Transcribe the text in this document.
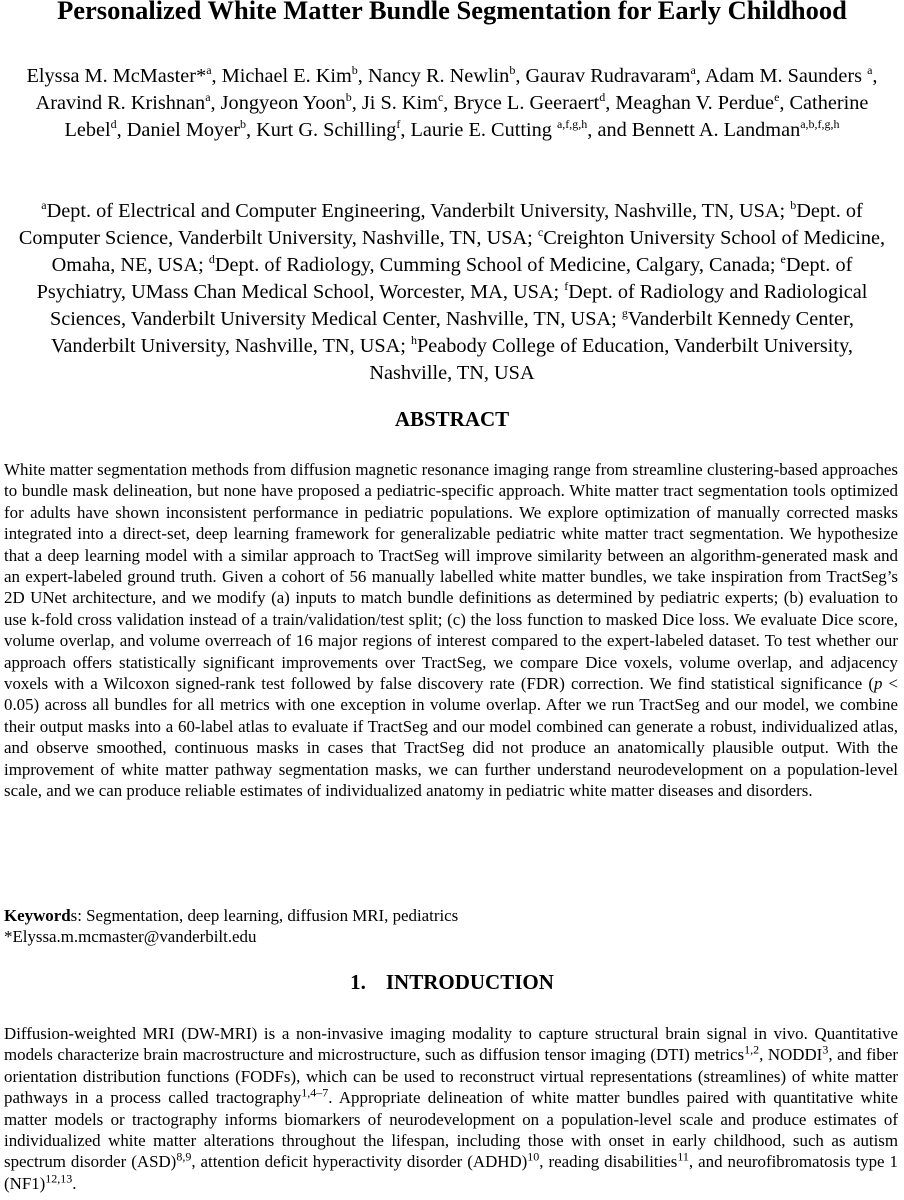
Personalized White Matter Bundle Segmentation for Early Childhood

Elyssa M. McMaster*$^a$, Michael E. Kim$^b$, Nancy R. Newlin$^b$, Gaurav Rudravaram$^a$, Adam M. Saunders $^a$, Aravind R. Krishnan$^a$, Jongyeon Yoon$^b$, Ji S. Kim$^c$, Bryce L. Geeraert$^d$, Meaghan V. Perdue$^e$, Catherine Lebel$^d$, Daniel Moyer$^b$, Kurt G. Schilling$^f$, Laurie E. Cutting $^{a,f,g,h}$, and Bennett A. Landman$^{a,b,f,g,h}$

$^a$Dept. of Electrical and Computer Engineering, Vanderbilt University, Nashville, TN, USA; $^b$Dept. of Computer Science, Vanderbilt University, Nashville, TN, USA; $^c$Creighton University School of Medicine, Omaha, NE, USA; $^d$Dept. of Radiology, Cumming School of Medicine, Calgary, Canada; $^e$Dept. of Psychiatry, UMass Chan Medical School, Worcester, MA, USA; $^f$Dept. of Radiology and Radiological Sciences, Vanderbilt University Medical Center, Nashville, TN, USA; $^g$Vanderbilt Kennedy Center, Vanderbilt University, Nashville, TN, USA; $^h$Peabody College of Education, Vanderbilt University, Nashville, TN, USA

ABSTRACT

White matter segmentation methods from diffusion magnetic resonance imaging range from streamline clustering-based approaches to bundle mask delineation, but none have proposed a pediatric-specific approach. White matter tract segmentation tools optimized for adults have shown inconsistent performance in pediatric populations. We explore optimization of manually corrected masks integrated into a direct-set, deep learning framework for generalizable pediatric white matter tract segmentation. We hypothesize that a deep learning model with a similar approach to TractSeg will improve similarity between an algorithm-generated mask and an expert-labeled ground truth. Given a cohort of 56 manually labelled white matter bundles, we take inspiration from TractSeg’s 2D UNet architecture, and we modify (a) inputs to match bundle definitions as determined by pediatric experts; (b) evaluation to use k-fold cross validation instead of a train/validation/test split; (c) the loss function to masked Dice loss. We evaluate Dice score, volume overlap, and volume overreach of 16 major regions of interest compared to the expert-labeled dataset. To test whether our approach offers statistically significant improvements over TractSeg, we compare Dice voxels, volume overlap, and adjacency voxels with a Wilcoxon signed-rank test followed by false discovery rate (FDR) correction. We find statistical significance (p < 0.05) across all bundles for all metrics with one exception in volume overlap. After we run TractSeg and our model, we combine their output masks into a 60-label atlas to evaluate if TractSeg and our model combined can generate a robust, individualized atlas, and observe smoothed, continuous masks in cases that TractSeg did not produce an anatomically plausible output. With the improvement of white matter pathway segmentation masks, we can further understand neurodevelopment on a population-level scale, and we can produce reliable estimates of individualized anatomy in pediatric white matter diseases and disorders.

Keywords: Segmentation, deep learning, diffusion MRI, pediatrics

*Elyssa.m.mcmaster@vanderbilt.edu

1. INTRODUCTION

Diffusion-weighted MRI (DW-MRI) is a non-invasive imaging modality to capture structural brain signal in vivo. Quantitative models characterize brain macrostructure and microstructure, such as diffusion tensor imaging (DTI) metrics$^{1,2}$, NODDI$^3$, and fiber orientation distribution functions (FODFs), which can be used to reconstruct virtual representations (streamlines) of white matter pathways in a process called tractography$^{1,4-7}$. Appropriate delineation of white matter bundles paired with quantitative white matter models or tractography informs biomarkers of neurodevelopment on a population-level scale and produce estimates of individualized white matter alterations throughout the lifespan, including those with onset in early childhood, such as autism spectrum disorder (ASD)$^{8,9}$, attention deficit hyperactivity disorder (ADHD)$^{10}$, reading disabilities$^{11}$, and neurofibromatosis type 1 $(NF1)^{12,13}$.
